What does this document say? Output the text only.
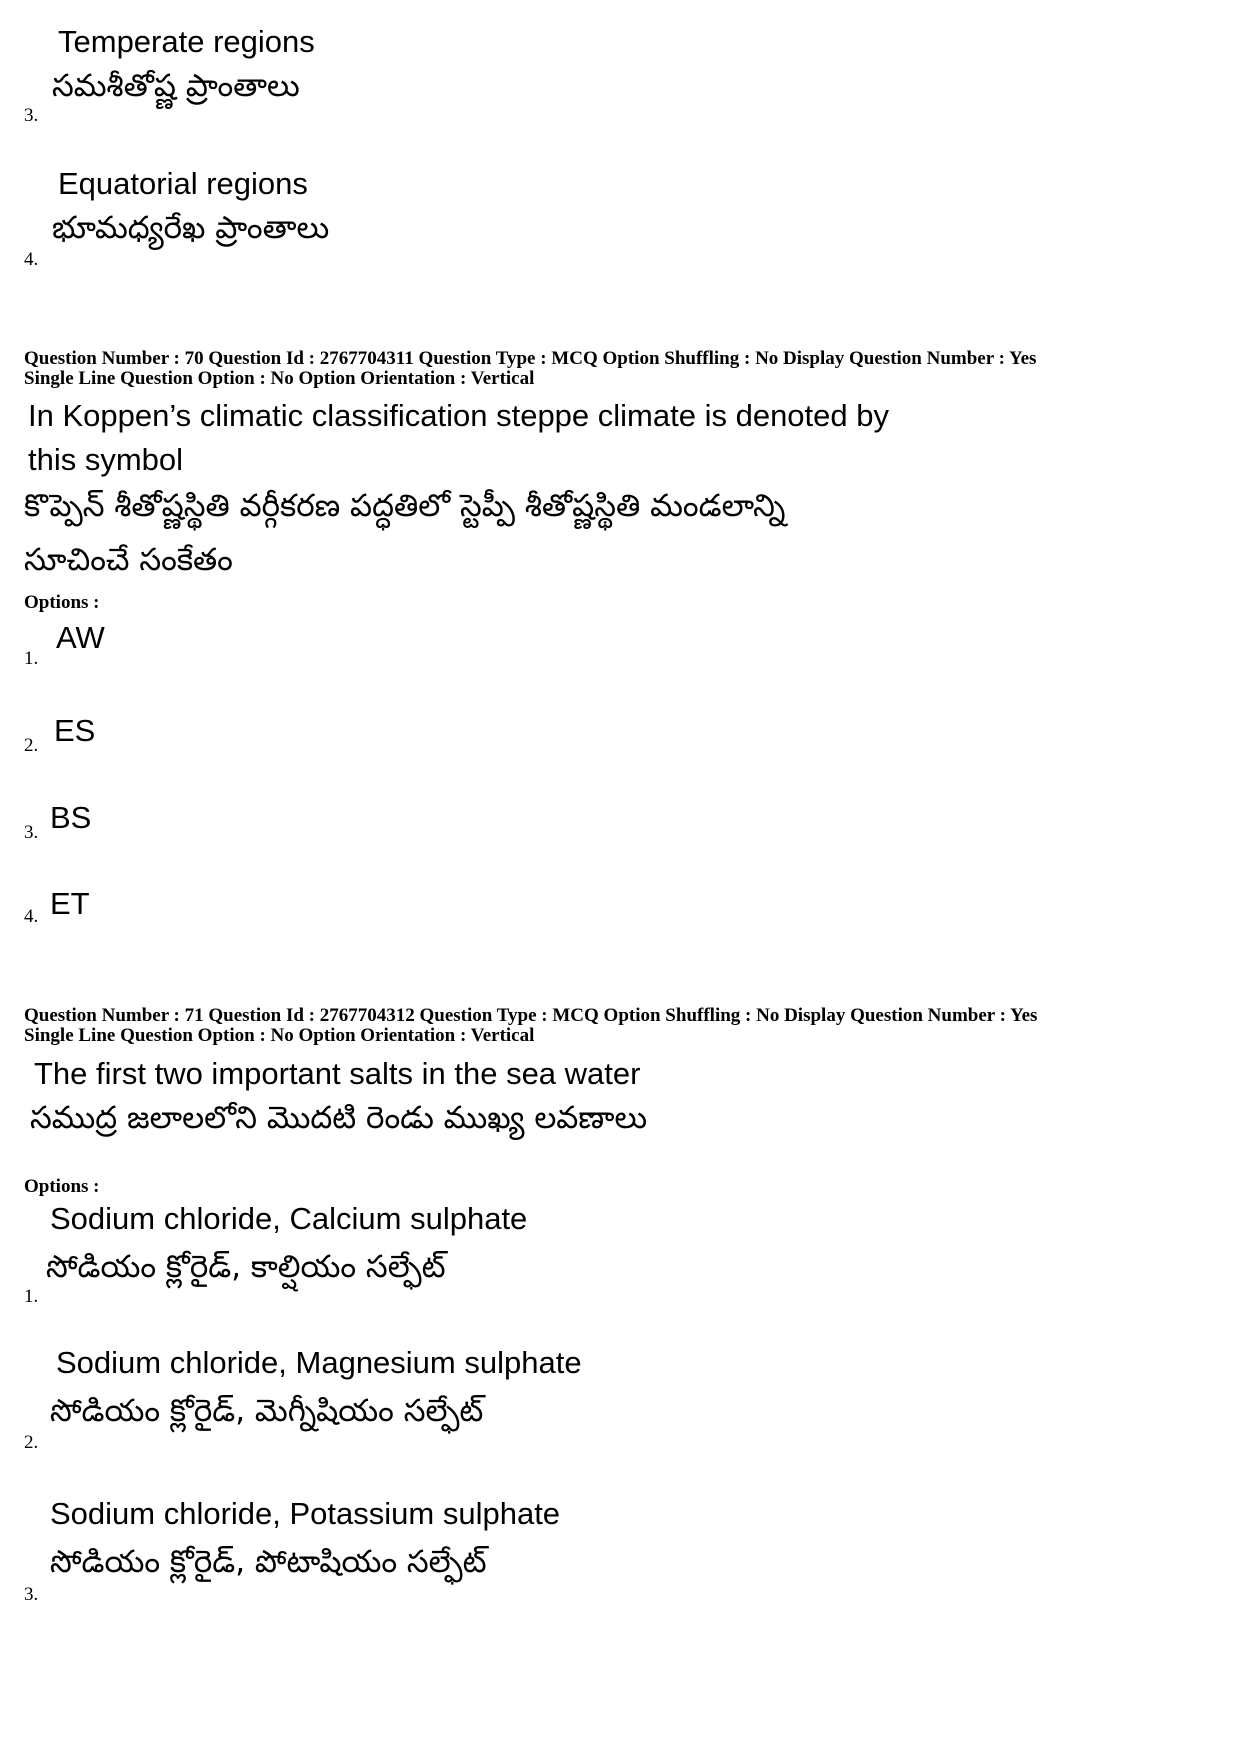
Temperate regions
సమశీతోష్ణ ప్రాంతాలు
3.
Equatorial regions
భూమధ్యరేఖ ప్రాంతాలు
4.
Question Number : 70 Question Id : 2767704311 Question Type : MCQ Option Shuffling : No Display Question Number : Yes
Single Line Question Option : No Option Orientation : Vertical
In Koppen’s climatic classification steppe climate is denoted by
this symbol
కొప్పెన్ శీతోష్ణస్థితి వర్గీకరణ పద్ధతిలో స్టెప్పీ శీతోష్ణస్థితి మండలాన్ని
సూచించే సంకేతం
Options :
1.
AW
2. ES
3. BS
4. ET
Question Number : 71 Question Id : 2767704312 Question Type : MCQ Option Shuffling : No Display Question Number : Yes
Single Line Question Option : No Option Orientation : Vertical
The first two important salts in the sea water
సముద్ర జలాలలోని మొదటి రెండు ముఖ్య లవణాలు
Options :
Sodium chloride, Calcium sulphate
సోడియం క్లోరైడ్, కాల్షియం సల్ఫేట్
1.
Sodium chloride, Magnesium sulphate
సోడియం క్లోరైడ్, మెగ్నీషియం సల్ఫేట్
2.
Sodium chloride, Potassium sulphate
సోడియం క్లోరైడ్, పోటాషియం సల్ఫేట్
3.
